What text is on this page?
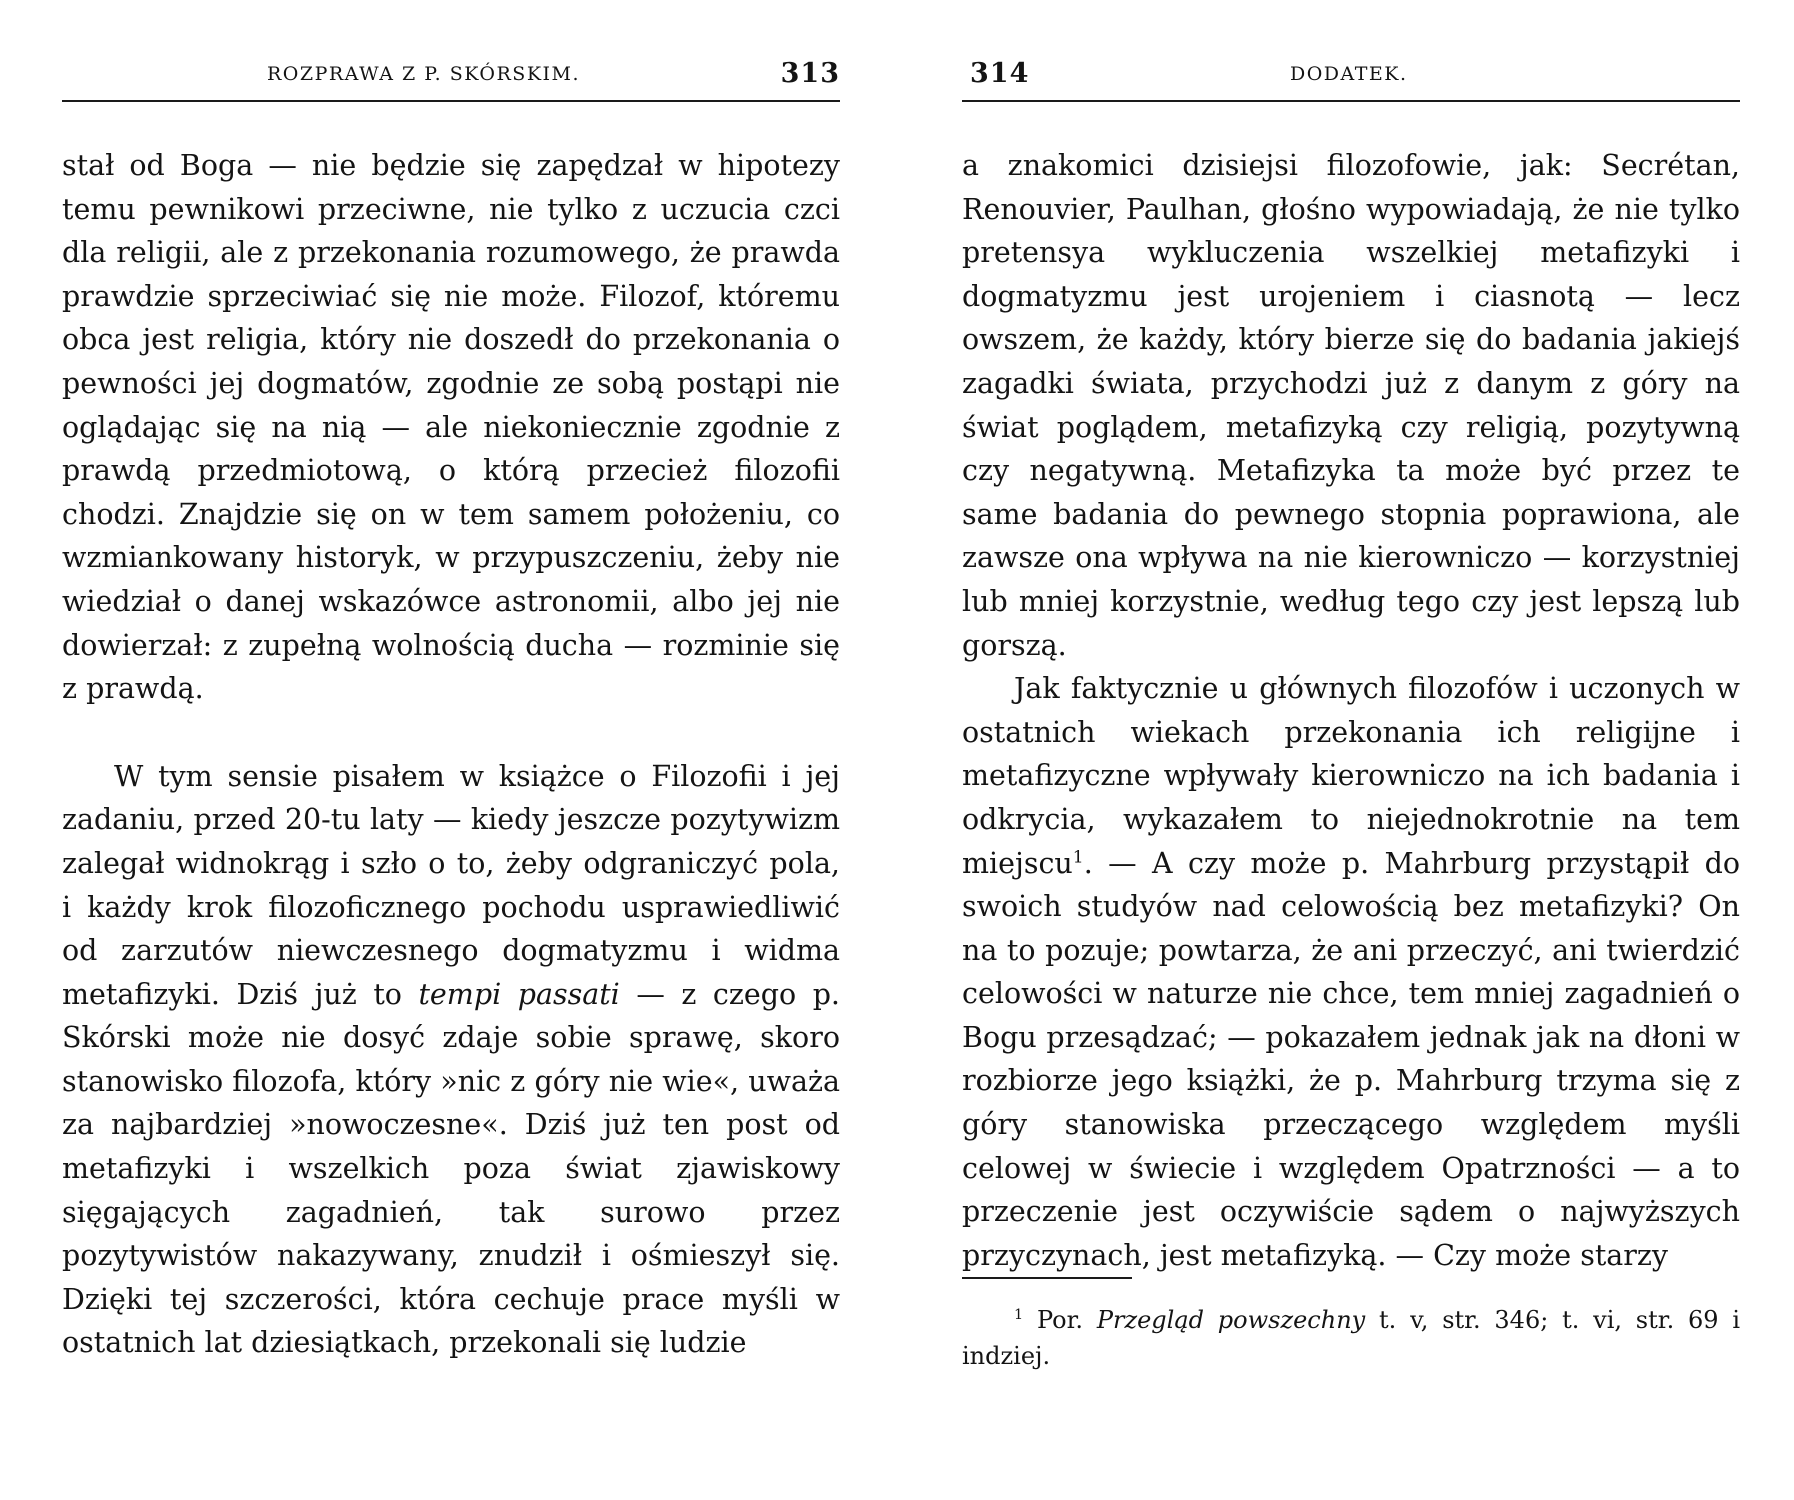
ROZPRAWA Z P. SKÓRSKIM.	313

stał od Boga — nie będzie się zapędzał w hipotezy temu pewnikowi przeciwne, nie tylko z uczucia czci dla religii, ale z przekonania rozumowego, że prawda prawdzie sprzeciwiać się nie może. Filozof, któremu obca jest religia, który nie doszedł do przekonania o pewności jej dogmatów, zgodnie ze sobą postąpi nie oglądając się na nią — ale niekoniecznie zgodnie z prawdą przedmiotową, o którą przecież filozofii chodzi. Znajdzie się on w tem samem położeniu, co wzmiankowany historyk, w przypuszczeniu, żeby nie wiedział o danej wskazówce astronomii, albo jej nie dowierzał: z zupełną wolnością ducha — rozminie się z prawdą.

W tym sensie pisałem w książce o Filozofii i jej zadaniu, przed 20-tu laty — kiedy jeszcze pozytywizm zalegał widnokrąg i szło o to, żeby odgraniczyć pola, i każdy krok filozoficznego pochodu usprawiedliwić od zarzutów niewczesnego dogmatyzmu i widma metafizyki. Dziś już to tempi passati — z czego p. Skórski może nie dosyć zdaje sobie sprawę, skoro stanowisko filozofa, który »nic z góry nie wie«, uważa za najbardziej »nowoczesne«. Dziś już ten post od metafizyki i wszelkich poza świat zjawiskowy sięgających zagadnień, tak surowo przez pozytywistów nakazywany, znudził i ośmieszył się. Dzięki tej szczerości, która cechuje prace myśli w ostatnich lat dziesiątkach, przekonali się ludzie

314	DODATEK.

a znakomici dzisiejsi filozofowie, jak: Secrétan, Renouvier, Paulhan, głośno wypowiadają, że nie tylko pretensya wykluczenia wszelkiej metafizyki i dogmatyzmu jest urojeniem i ciasnotą — lecz owszem, że każdy, który bierze się do badania jakiejś zagadki świata, przychodzi już z danym z góry na świat poglądem, metafizyką czy religią, pozytywną czy negatywną. Metafizyka ta może być przez te same badania do pewnego stopnia poprawiona, ale zawsze ona wpływa na nie kierowniczo — korzystniej lub mniej korzystnie, według tego czy jest lepszą lub gorszą.

Jak faktycznie u głównych filozofów i uczonych w ostatnich wiekach przekonania ich religijne i metafizyczne wpływały kierowniczo na ich badania i odkrycia, wykazałem to niejednokrotnie na tem miejscu$^1$. — A czy może p. Mahrburg przystąpił do swoich studyów nad celowością bez metafizyki? On na to pozuje; powtarza, że ani przeczyć, ani twierdzić celowości w naturze nie chce, tem mniej zagadnień o Bogu przesądzać; — pokazałem jednak jak na dłoni w rozbiorze jego książki, że p. Mahrburg trzyma się z góry stanowiska przeczącego względem myśli celowej w świecie i względem Opatrzności — a to przeczenie jest oczywiście sądem o najwyższych przyczynach, jest metafizyką. — Czy może starzy

$^1$ Por. Przegląd powszechny t. v, str. 346; t. vi, str. 69 i indziej.
